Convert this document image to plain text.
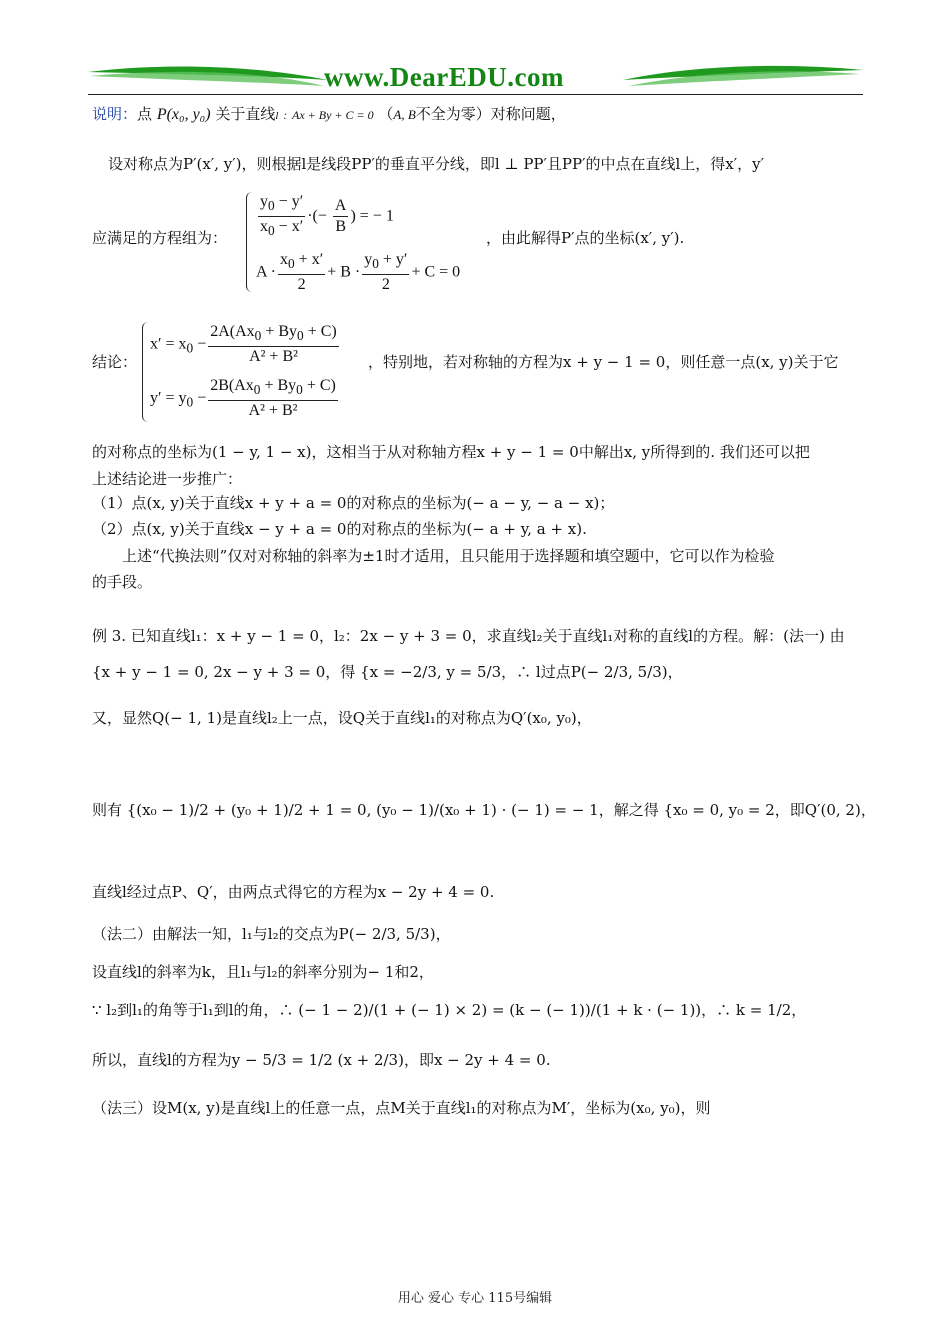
www.DearEDU.com
说明：点 P(x₀, y₀) 关于直线l : Ax + By + C = 0 （A, B不全为零）对称问题，
设对称点为P′(x′, y′)，则根据l是线段PP′的垂直平分线，即l ⊥ PP′且PP′的中点在直线l上，得x′，y′
应满足的方程组为： $\frac{y_0 - y'}{x_0 - x'}$ ·(− $\frac{A}{B}$ ) = − 1
$A \cdot \frac{x_0 + x'}{2} + B \cdot \frac{y_0 + y'}{2} + C = 0$
，由此解得P′点的坐标(x′, y′).
结论：
$x' = x_0 - \frac{2A(Ax_0 + By_0 + C)}{\text{A² + B²}}$
$y' = y_0 - \frac{2B(Ax_0 + By_0 + C)}{\text{A² + B²}}$
，特别地，若对称轴的方程为x + y − 1 = 0，则任意一点(x, y)关于它
的对称点的坐标为(1 − y, 1 − x)，这相当于从对称轴方程x + y − 1 = 0中解出x, y所得到的. 我们还可以把
上述结论进一步推广：
（1）点(x, y)关于直线x + y + a = 0的对称点的坐标为(− a − y, − a − x)；
（2）点(x, y)关于直线x − y + a = 0的对称点的坐标为(− a + y, a + x).
上述“代换法则”仅对对称轴的斜率为±1时才适用，且只能用于选择题和填空题中，它可以作为检验
的手段。
例 3. 已知直线l₁：x + y − 1 = 0，l₂：2x − y + 3 = 0，求直线l₂关于直线l₁对称的直线l的方程。解：(法一) 由
{x + y − 1 = 0, 2x − y + 3 = 0，得 {x = −2/3, y = 5/3，∴ l过点P(− 2/3, 5/3)，
又，显然Q(− 1, 1)是直线l₂上一点，设Q关于直线l₁的对称点为Q′(x₀, y₀)，
则有 {(x₀ − 1)/2 + (y₀ + 1)/2 + 1 = 0, (y₀ − 1)/(x₀ + 1) · (− 1) = − 1，解之得 {x₀ = 0, y₀ = 2，即Q′(0, 2)，
直线l经过点P、Q′，由两点式得它的方程为x − 2y + 4 = 0.
（法二）由解法一知，l₁与l₂的交点为P(− 2/3, 5/3)，
设直线l的斜率为k，且l₁与l₂的斜率分别为− 1和2，
∵ l₂到l₁的角等于l₁到l的角，∴ (− 1 − 2)/(1 + (− 1) × 2) = (k − (− 1))/(1 + k · (− 1))，∴ k = 1/2，
所以，直线l的方程为y − 5/3 = 1/2 (x + 2/3)，即x − 2y + 4 = 0.
（法三）设M(x, y)是直线l上的任意一点，点M关于直线l₁的对称点为M′，坐标为(x₀, y₀)，则
用心 爱心 专心 115号编辑
